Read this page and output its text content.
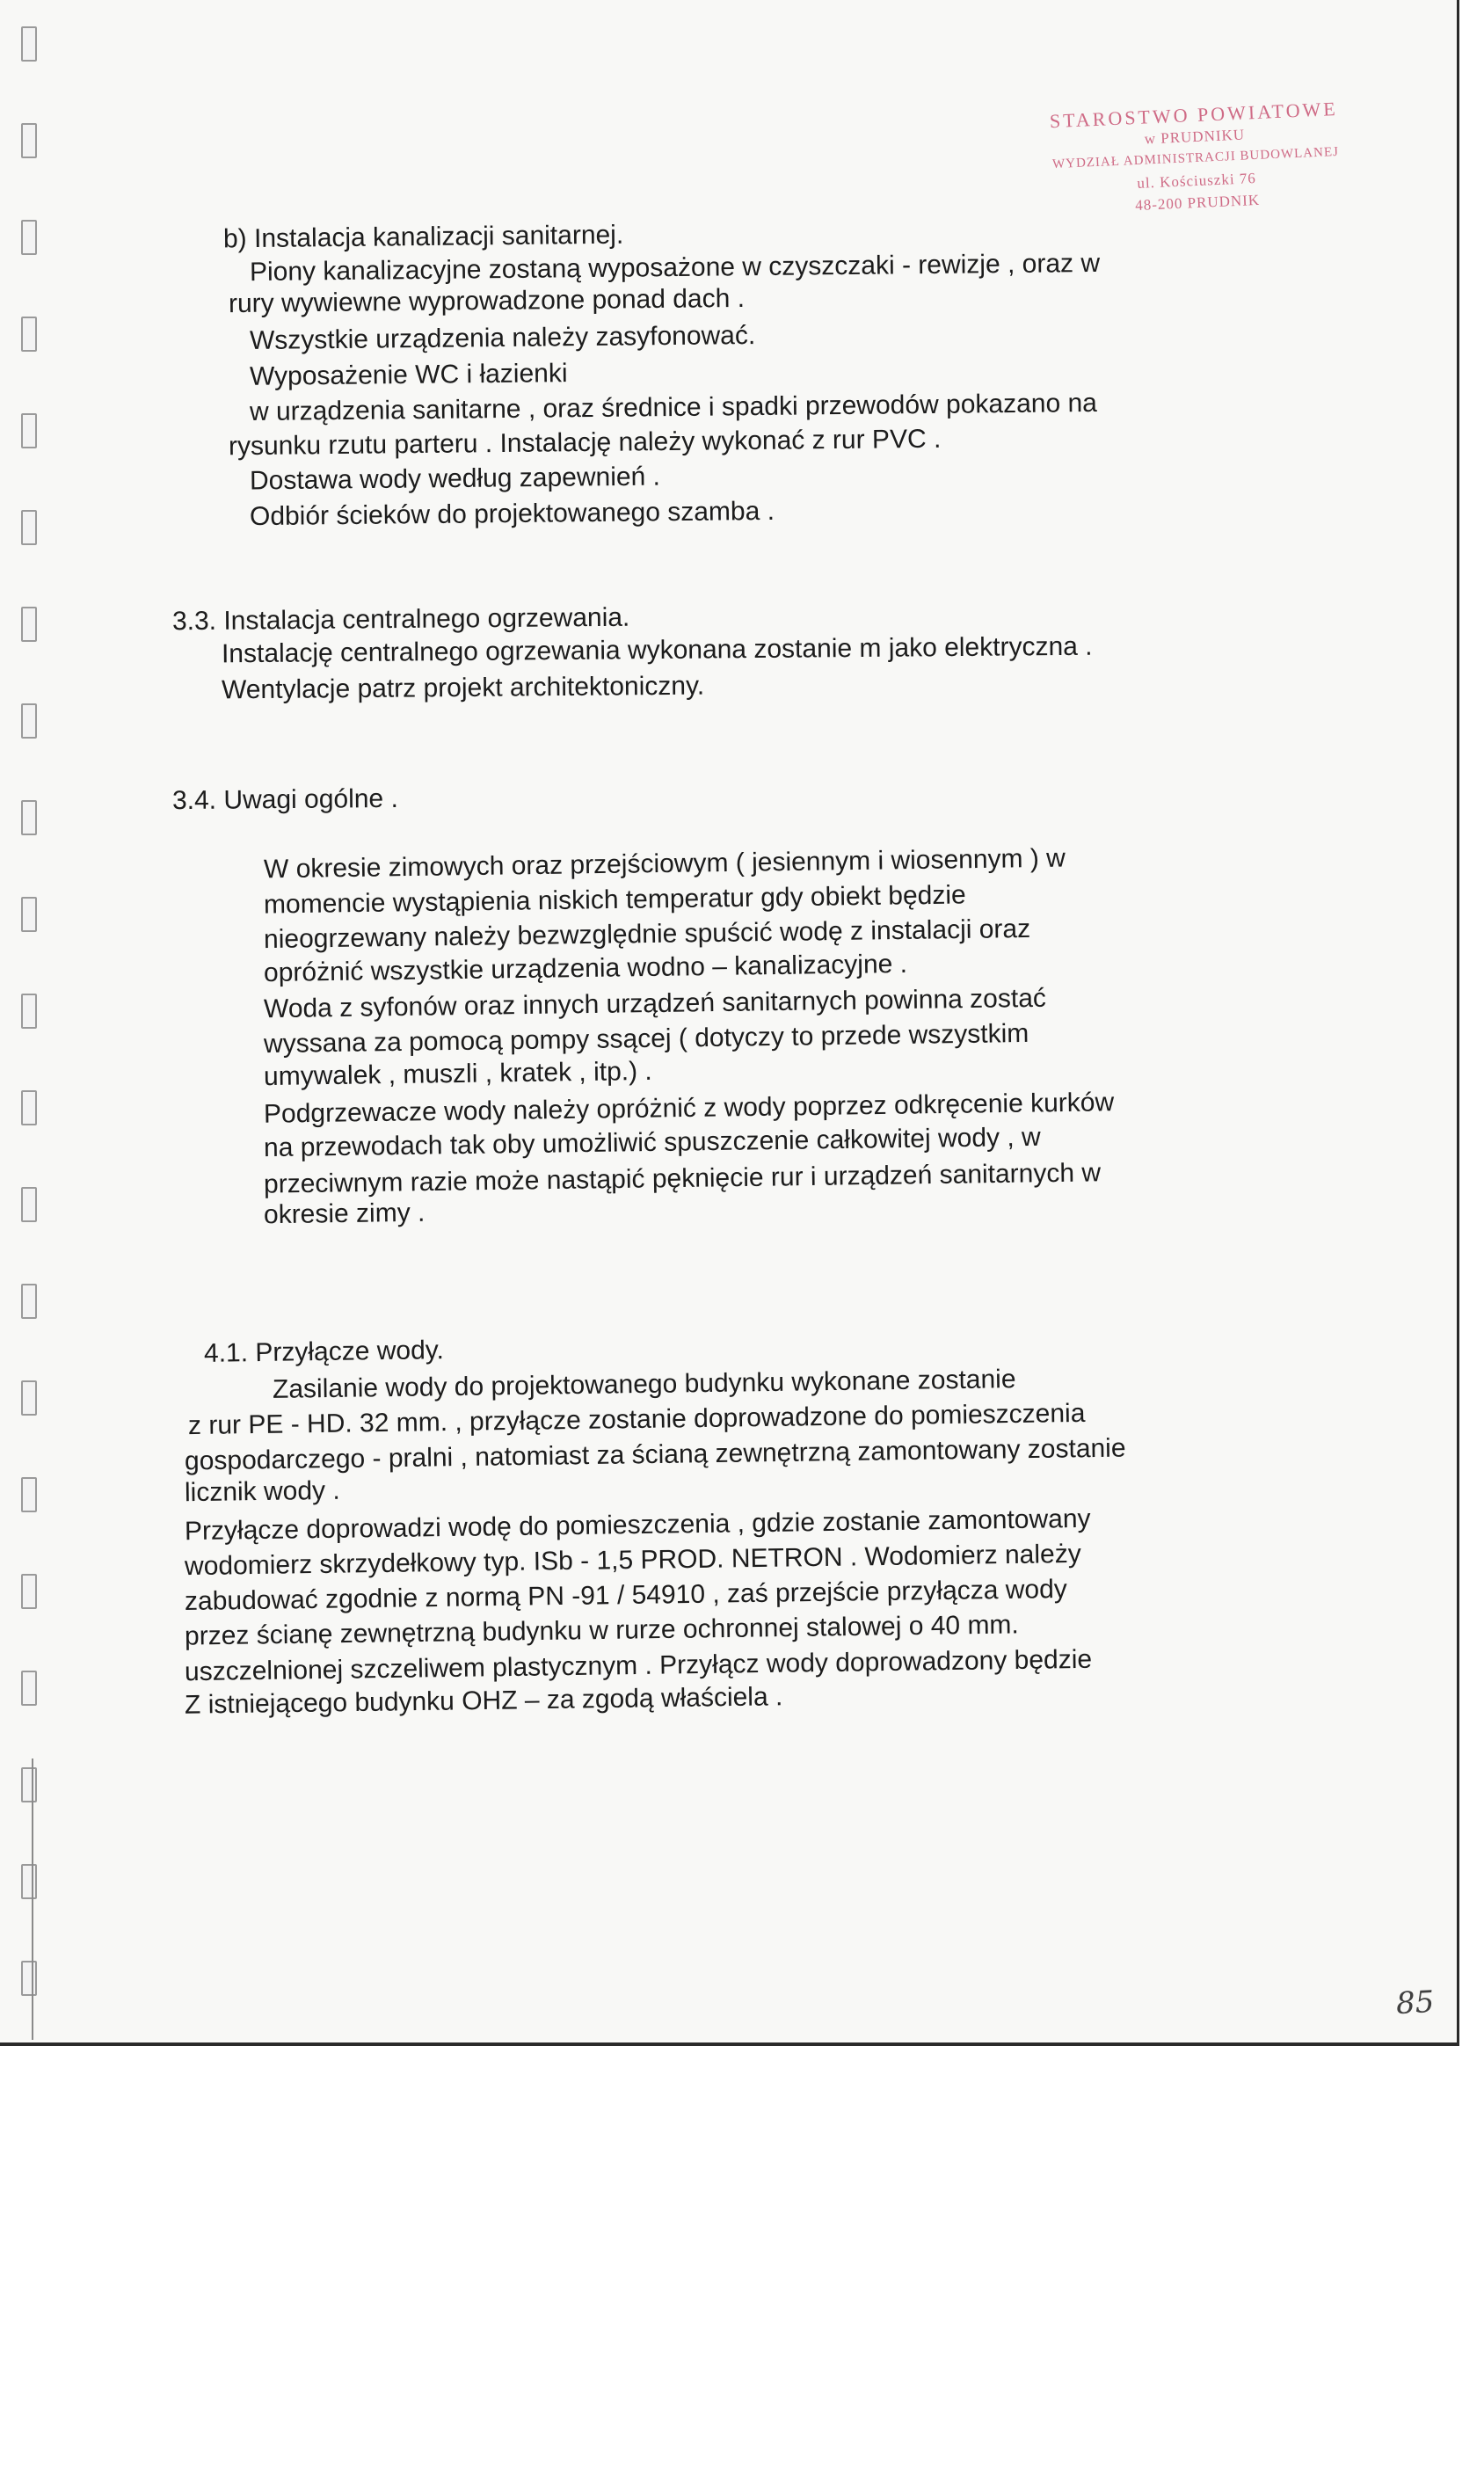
STAROSTWO POWIATOWE
w PRUDNIKU
WYDZIAŁ ADMINISTRACJI BUDOWLANEJ
ul. Kościuszki 76
48-200 PRUDNIK
b) Instalacja kanalizacji sanitarnej.
Piony kanalizacyjne zostaną wyposażone w czyszczaki - rewizje , oraz w
rury wywiewne wyprowadzone ponad dach .
Wszystkie urządzenia należy zasyfonować.
Wyposażenie WC i łazienki
w urządzenia sanitarne , oraz średnice i spadki przewodów pokazano na
rysunku rzutu parteru . Instalację należy wykonać z rur PVC .
Dostawa wody według zapewnień .
Odbiór ścieków do projektowanego szamba .
3.3. Instalacja centralnego ogrzewania.
Instalację centralnego ogrzewania wykonana zostanie m jako elektryczna .
Wentylacje patrz projekt architektoniczny.
3.4. Uwagi ogólne .
W okresie zimowych oraz przejściowym ( jesiennym i wiosennym ) w
momencie wystąpienia niskich temperatur gdy obiekt będzie
nieogrzewany należy bezwzględnie spuścić wodę z instalacji oraz
opróżnić wszystkie urządzenia wodno – kanalizacyjne .
Woda z syfonów oraz innych urządzeń sanitarnych powinna zostać
wyssana za pomocą pompy ssącej ( dotyczy to przede wszystkim
umywalek , muszli , kratek , itp.) .
Podgrzewacze wody należy opróżnić z wody poprzez odkręcenie kurków
na przewodach tak oby umożliwić spuszczenie całkowitej wody , w
przeciwnym razie może nastąpić pęknięcie rur i urządzeń sanitarnych w
okresie zimy .
4.1. Przyłącze wody.
Zasilanie wody do projektowanego budynku wykonane zostanie
z rur PE - HD. 32 mm. , przyłącze zostanie doprowadzone do pomieszczenia
gospodarczego - pralni , natomiast za ścianą zewnętrzną zamontowany zostanie
licznik wody .
Przyłącze doprowadzi wodę do pomieszczenia , gdzie zostanie zamontowany
wodomierz skrzydełkowy typ. ISb - 1,5 PROD. NETRON . Wodomierz należy
zabudować zgodnie z normą PN -91 / 54910 , zaś przejście przyłącza wody
przez ścianę zewnętrzną budynku w rurze ochronnej stalowej o 40 mm.
uszczelnionej szczeliwem plastycznym . Przyłącz wody doprowadzony będzie
Z istniejącego budynku OHZ – za zgodą właściela .
85
